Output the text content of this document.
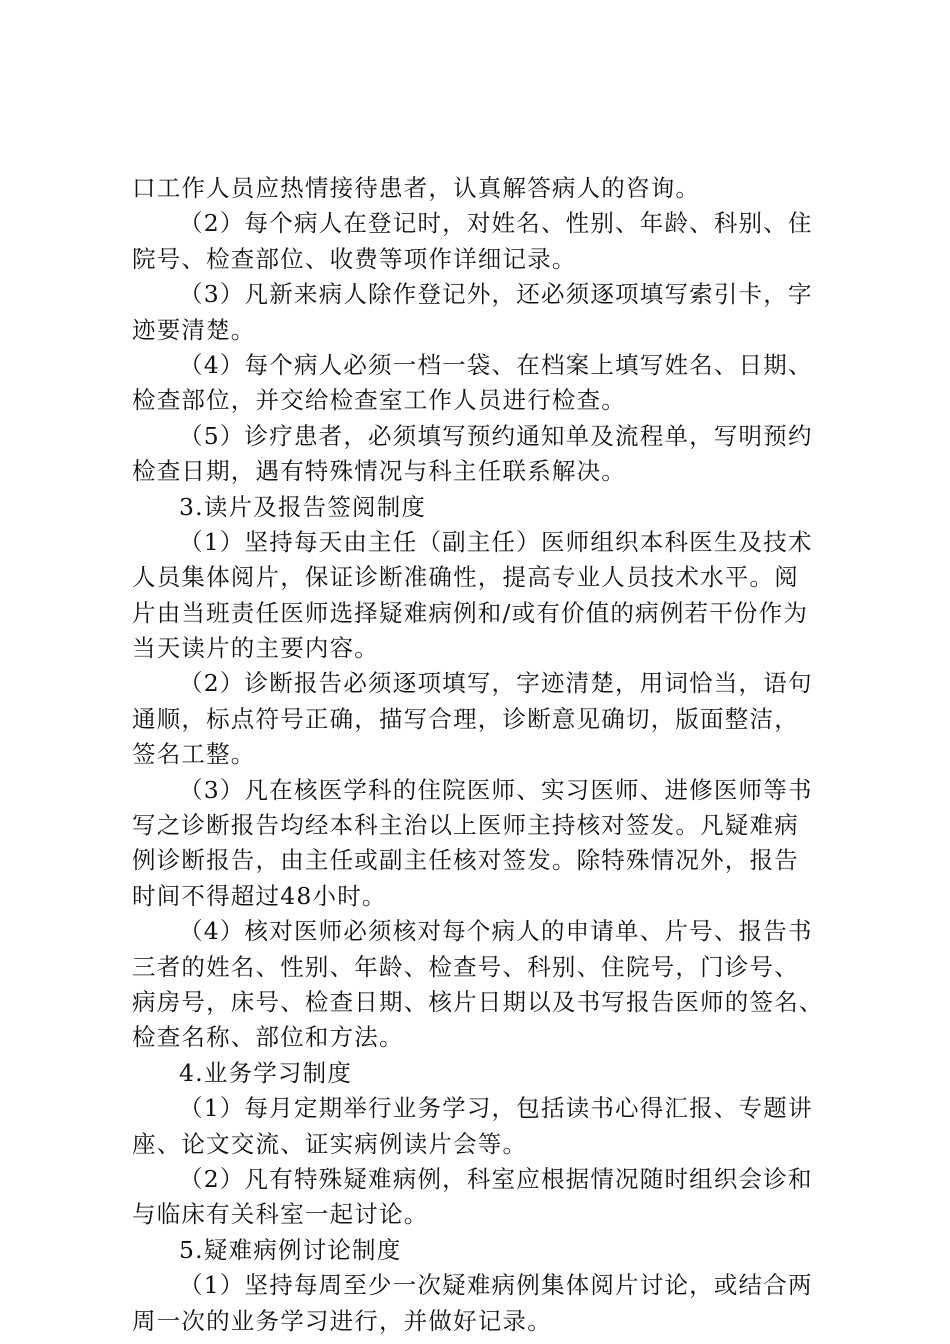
口工作人员应热情接待患者，认真解答病人的咨询。
（2）每个病人在登记时，对姓名、性别、年龄、科别、住
院号、检查部位、收费等项作详细记录。
（3）凡新来病人除作登记外，还必须逐项填写索引卡，字
迹要清楚。
（4）每个病人必须一档一袋、在档案上填写姓名、日期、
检查部位，并交给检查室工作人员进行检查。
（5）诊疗患者，必须填写预约通知单及流程单，写明预约
检查日期，遇有特殊情况与科主任联系解决。
3.读片及报告签阅制度
（1）坚持每天由主任（副主任）医师组织本科医生及技术
人员集体阅片，保证诊断准确性，提高专业人员技术水平。阅
片由当班责任医师选择疑难病例和/或有价值的病例若干份作为
当天读片的主要内容。
（2）诊断报告必须逐项填写，字迹清楚，用词恰当，语句
通顺，标点符号正确，描写合理，诊断意见确切，版面整洁，
签名工整。
（3）凡在核医学科的住院医师、实习医师、进修医师等书
写之诊断报告均经本科主治以上医师主持核对签发。凡疑难病
例诊断报告，由主任或副主任核对签发。除特殊情况外，报告
时间不得超过48小时。
（4）核对医师必须核对每个病人的申请单、片号、报告书
三者的姓名、性别、年龄、检查号、科别、住院号，门诊号、
病房号，床号、检查日期、核片日期以及书写报告医师的签名、
检查名称、部位和方法。
4.业务学习制度
（1）每月定期举行业务学习，包括读书心得汇报、专题讲
座、论文交流、证实病例读片会等。
（2）凡有特殊疑难病例，科室应根据情况随时组织会诊和
与临床有关科室一起讨论。
5.疑难病例讨论制度
（1）坚持每周至少一次疑难病例集体阅片讨论，或结合两
周一次的业务学习进行，并做好记录。
